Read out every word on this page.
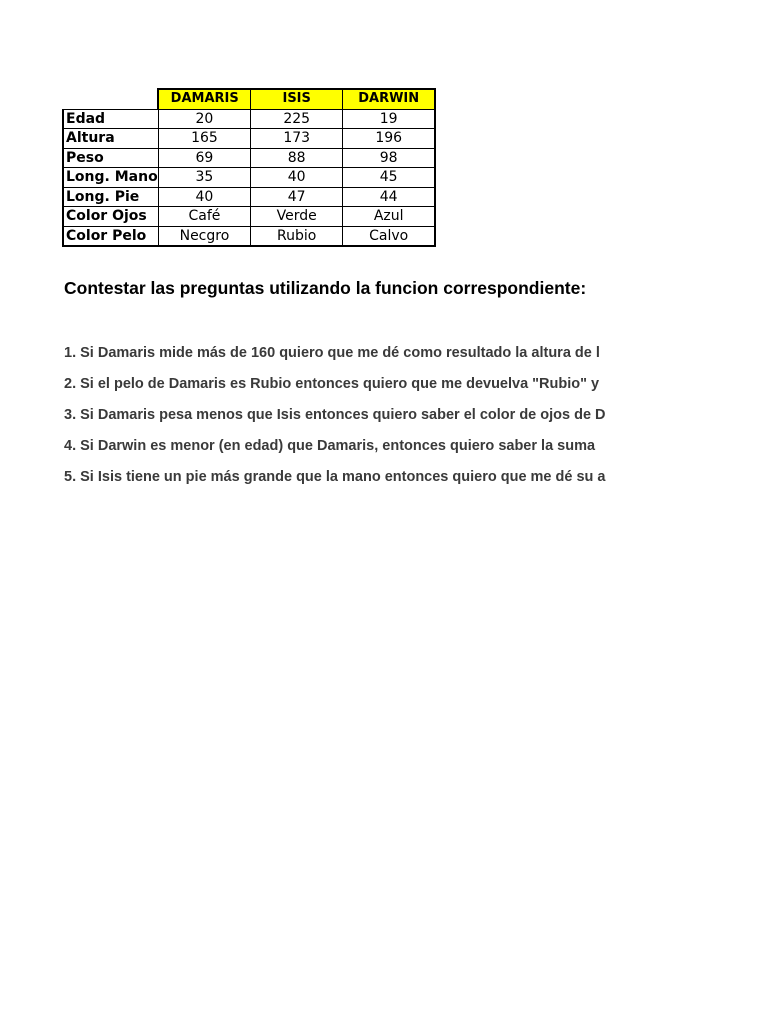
	DAMARIS	ISIS	DARWIN
Edad	20	225	19
Altura	165	173	196
Peso	69	88	98
Long. Mano	35	40	45
Long. Pie	40	47	44
Color Ojos	Café	Verde	Azul
Color Pelo	Necgro	Rubio	Calvo
Contestar las preguntas utilizando la funcion correspondiente:
1. Si Damaris mide más de 160 quiero que me dé como resultado la altura de l
2. Si el pelo de Damaris es Rubio entonces quiero que me devuelva "Rubio" y
3. Si Damaris pesa menos que Isis entonces quiero saber el color de ojos de D
4. Si Darwin es menor (en edad) que Damaris, entonces quiero saber la suma
5. Si Isis tiene un pie más grande que la mano entonces quiero que me dé su a
